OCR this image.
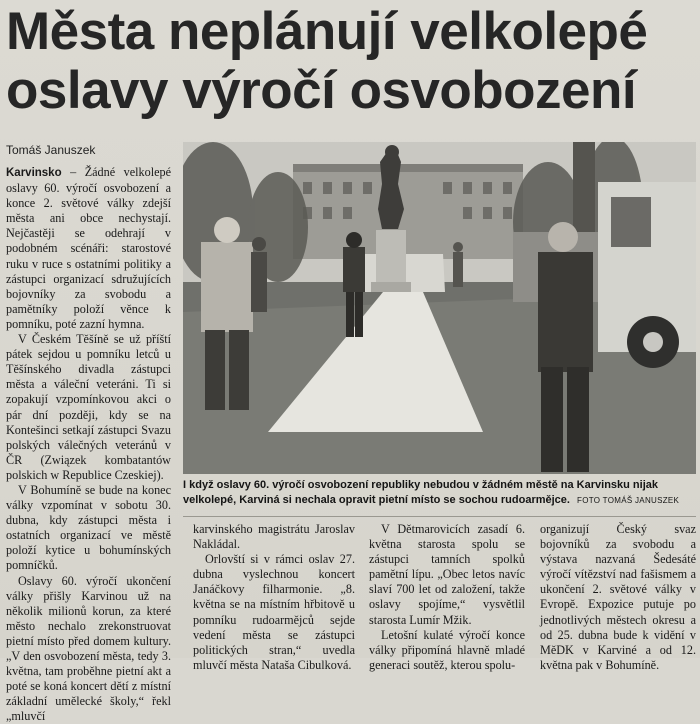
Města neplánují velkolepé
oslavy výročí osvobození
Tomáš Januszek

Karvinsko – Žádné velkolepé oslavy 60. výročí osvobození a konce 2. světové války zdejší města ani obce nechystají. Nejčastěji se odehrají v podobném scénáři: starostové ruku v ruce s ostatními politiky a zástupci organizací sdružujících bojovníky za svobodu a pamětníky položí věnce k pomníku, poté zazní hymna.

V Českém Těšíně se už příští pátek sejdou u pomníku letců u Těšínského divadla zástupci města a váleční veteráni. Ti si zopakují vzpomínkovou akci o pár dní později, kdy se na Kontešinci setkají zástupci Svazu polských válečných veteránů v ČR (Związek kombatantów polskich w Republice Czeskiej).

V Bohumíně se bude na konec války vzpomínat v sobotu 30. dubna, kdy zástupci města i ostatních organizací ve městě položí kytice u bohumínských pomníčků.

Oslavy 60. výročí ukončení války přišly Karvinou už na několik milionů korun, za které město nechalo zrekonstruovat pietní místo před domem kultury. „V den osvobození města, tedy 3. května, tam proběhne pietní akt a poté se koná koncert dětí z místní základní umělecké školy,“ řekl „mluvčí

I když oslavy 60. výročí osvobození republiky nebudou v žádném městě na Karvinsku nijak velkolepé, Karviná si nechala opravit pietní místo se sochou rudoarmějce. FOTO TOMÁŠ JANUSZEK

karvinského magistrátu Jaroslav Nakládal.

Orlovští si v rámci oslav 27. dubna vyslechnou koncert Janáčkovy filharmonie. „8. května se na místním hřbitově u pomníku rudoarmějců sejde vedení města se zástupci politických stran,“ uvedla mluvčí města Nataša Cibulková.

V Dětmarovicích zasadí 6. května starosta spolu se zástupci tamních spolků pamětní lípu. „Obec letos navíc slaví 700 let od založení, takže oslavy spojíme,“ vysvětlil starosta Lumír Mžik.

Letošní kulaté výročí konce války připomíná hlavně mladé generaci soutěž, kterou spolu-

organizují Český svaz bojovníků za svobodu a výstava nazvaná Šedesáté výročí vítězství nad fašismem a ukončení 2. světové války v Evropě. Expozice putuje po jednotlivých městech okresu a od 25. dubna bude k vidění v MěDK v Karviné a od 12. května pak v Bohumíně.
